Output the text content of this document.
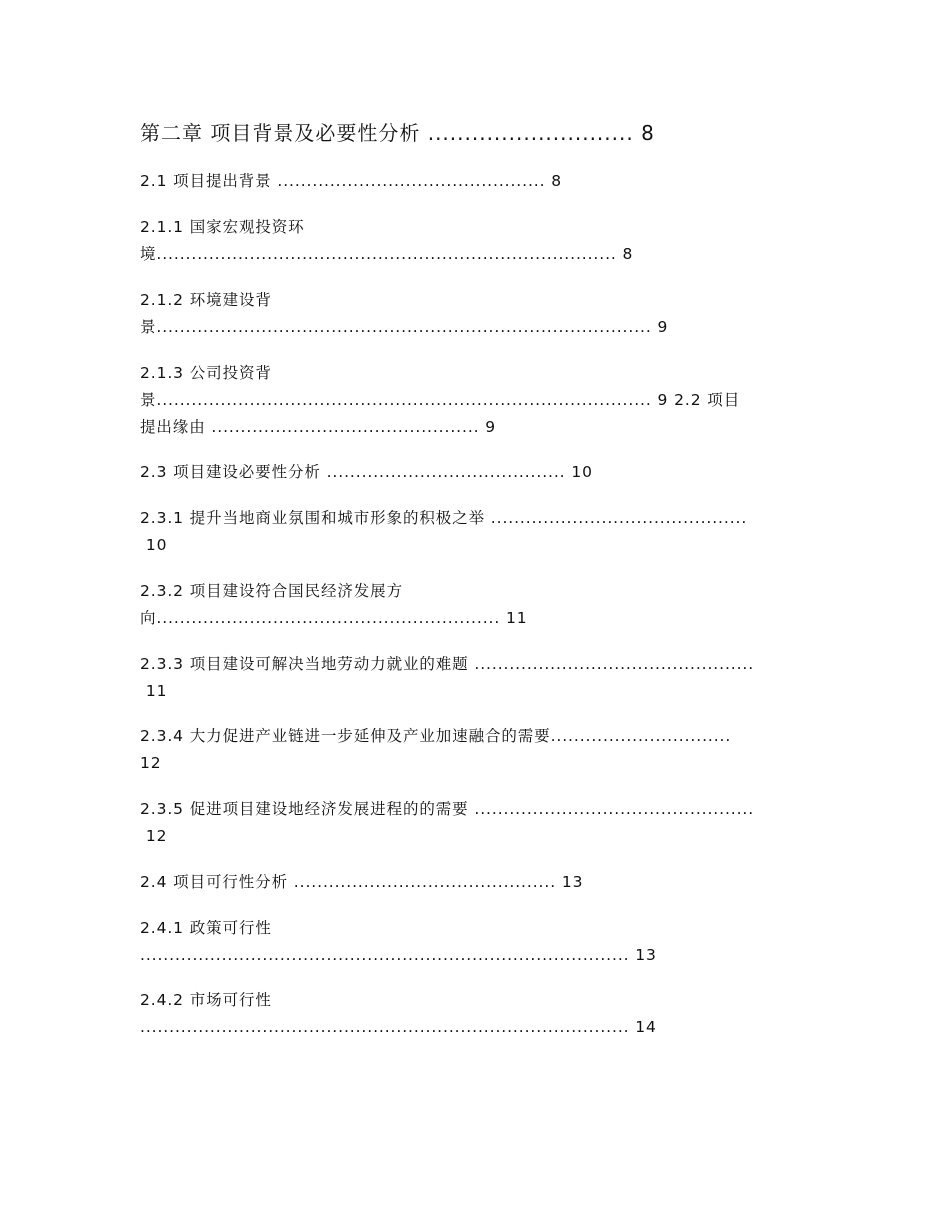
第二章 项目背景及必要性分析 ............................ 8
2.1 项目提出背景 .............................................. 8
2.1.1 国家宏观投资环
境............................................................................... 8
2.1.2 环境建设背
景..................................................................................... 9
2.1.3 公司投资背
景..................................................................................... 9 2.2 项目
提出缘由 .............................................. 9
2.3 项目建设必要性分析 ......................................... 10
2.3.1 提升当地商业氛围和城市形象的积极之举 ............................................
10
2.3.2 项目建设符合国民经济发展方
向........................................................... 11
2.3.3 项目建设可解决当地劳动力就业的难题 ................................................
11
2.3.4 大力促进产业链进一步延伸及产业加速融合的需要...............................
12
2.3.5 促进项目建设地经济发展进程的的需要 ................................................
12
2.4 项目可行性分析 ............................................. 13
2.4.1 政策可行性
.................................................................................... 13
2.4.2 市场可行性
.................................................................................... 14
